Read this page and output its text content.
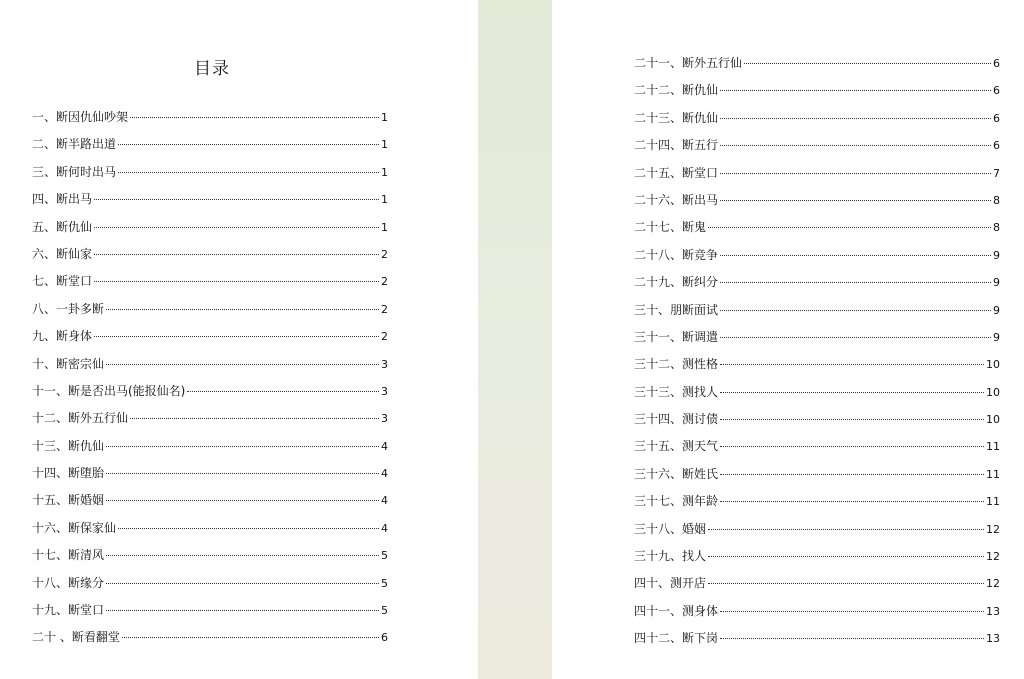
目录
一、断因仇仙吵架	1
二、断半路出道	1
三、断何时出马	1
四、断出马	1
五、断仇仙	1
六、断仙家	2
七、断堂口	2
八、一卦多断	2
九、断身体	2
十、断密宗仙	3
十一、断是否出马(能报仙名)	3
十二、断外五行仙	3
十三、断仇仙	4
十四、断堕胎	4
十五、断婚姻	4
十六、断保家仙	4
十七、断清风	5
十八、断缘分	5
十九、断堂口	5
二十 、断看翻堂	6
二十一、断外五行仙	6
二十二、断仇仙	6
二十三、断仇仙	6
二十四、断五行	6
二十五、断堂口	7
二十六、断出马	8
二十七、断鬼	8
二十八、断竞争	9
二十九、断纠分	9
三十、朋断面试	9
三十一、断调遣	9
三十二、测性格	10
三十三、测找人	10
三十四、测讨债	10
三十五、测天气	11
三十六、断姓氏	11
三十七、测年龄	11
三十八、婚姻	12
三十九、找人	12
四十、测开店	12
四十一、测身体	13
四十二、断下岗	13
